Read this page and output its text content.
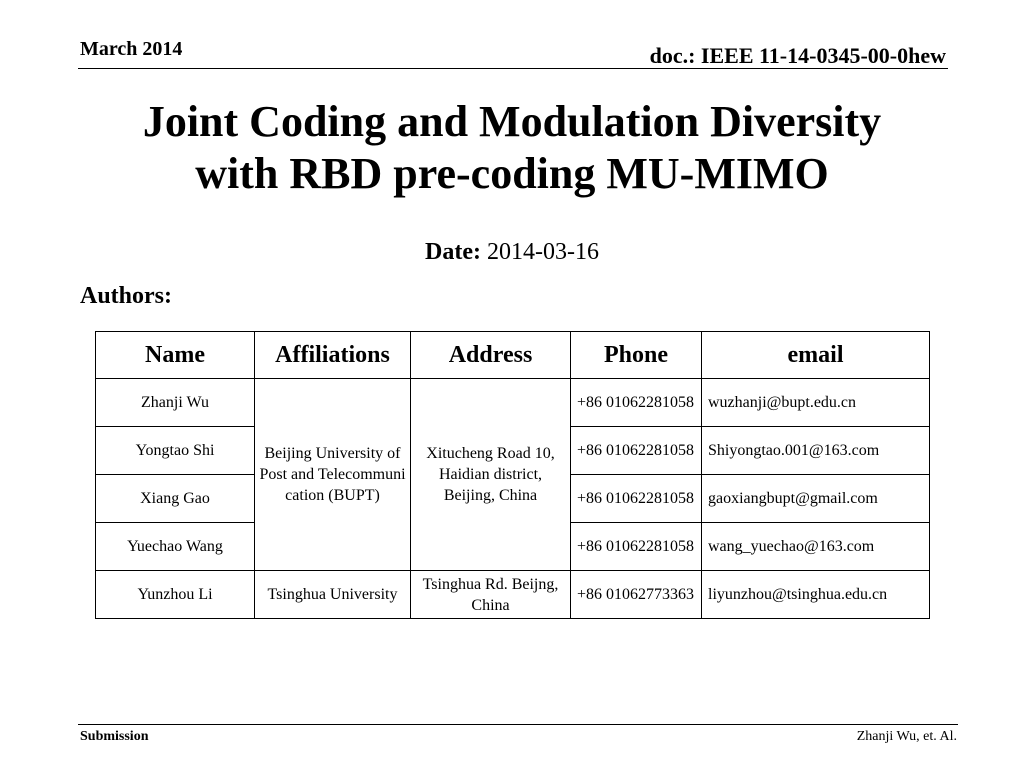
March 2014	doc.: IEEE 11-14-0345-00-0hew
Joint Coding and Modulation Diversity
with RBD pre-coding MU-MIMO
Date: 2014-03-16
Authors:
Name	Affiliations	Address	Phone	email
Zhanji Wu	Beijing University of Post and Telecommunication (BUPT)	Xitucheng Road 10, Haidian district, Beijing, China	+86 01062281058	wuzhanji@bupt.edu.cn
Yongtao Shi			+86 01062281058	Shiyongtao.001@163.com
Xiang Gao			+86 01062281058	gaoxiangbupt@gmail.com
Yuechao Wang			+86 01062281058	wang_yuechao@163.com
Yunzhou Li	Tsinghua University	Tsinghua Rd. Beijng, China	+86 01062773363	liyunzhou@tsinghua.edu.cn
Submission	Zhanji Wu, et. Al.
